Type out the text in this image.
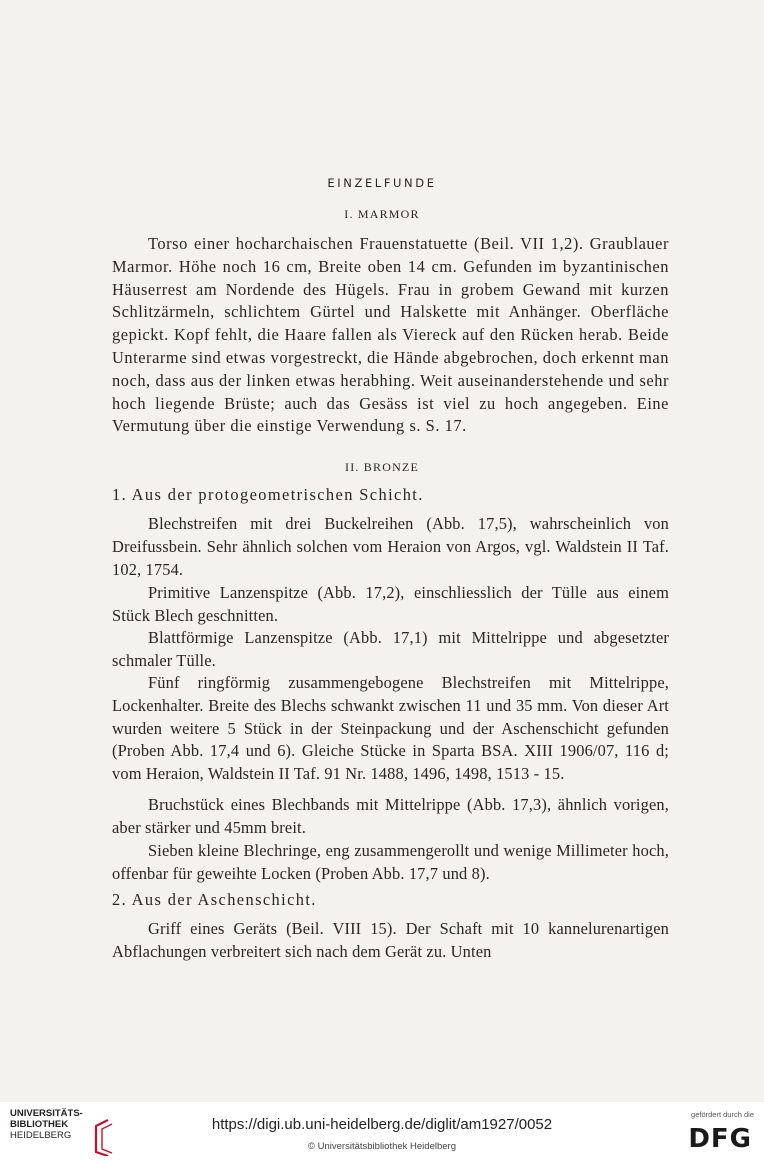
EINZELFUNDE
I. MARMOR

Torso einer hocharchaischen Frauenstatuette (Beil. VII 1,2). Graublauer Marmor. Höhe noch 16 cm, Breite oben 14 cm. Gefunden im byzantinischen Häuserrest am Nordende des Hügels. Frau in grobem Gewand mit kurzen Schlitzärmeln, schlichtem Gürtel und Halskette mit Anhänger. Oberfläche gepickt. Kopf fehlt, die Haare fallen als Viereck auf den Rücken herab. Beide Unterarme sind etwas vorgestreckt, die Hände abgebrochen, doch erkennt man noch, dass aus der linken etwas herabhing. Weit auseinanderstehende und sehr hoch liegende Brüste; auch das Gesäss ist viel zu hoch angegeben. Eine Vermutung über die einstige Verwendung s. S. 17.

II. BRONZE

1. Aus der protogeometrischen Schicht.

Blechstreifen mit drei Buckelreihen (Abb. 17,5), wahrscheinlich von Dreifussbein. Sehr ähnlich solchen vom Heraion von Argos, vgl. Waldstein II Taf. 102, 1754.

Primitive Lanzenspitze (Abb. 17,2), einschliesslich der Tülle aus einem Stück Blech geschnitten.

Blattförmige Lanzenspitze (Abb. 17,1) mit Mittelrippe und abgesetzter schmaler Tülle.

Fünf ringförmig zusammengebogene Blechstreifen mit Mittelrippe, Lockenhalter. Breite des Blechs schwankt zwischen 11 und 35 mm. Von dieser Art wurden weitere 5 Stück in der Steinpackung und der Aschenschicht gefunden (Proben Abb. 17,4 und 6). Gleiche Stücke in Sparta BSA. XIII 1906/07, 116 d; vom Heraion, Waldstein II Taf. 91 Nr. 1488, 1496, 1498, 1513 - 15.

Bruchstück eines Blechbands mit Mittelrippe (Abb. 17,3), ähnlich vorigen, aber stärker und 45mm breit.

Sieben kleine Blechringe, eng zusammengerollt und wenige Millimeter hoch, offenbar für geweihte Locken (Proben Abb. 17,7 und 8).

2. Aus der Aschenschicht.

Griff eines Geräts (Beil. VIII 15). Der Schaft mit 10 kannelurenartigen Abflachungen verbreitert sich nach dem Gerät zu. Unten

UNIVERSITÄTS-
BIBLIOTHEK
HEIDELBERG
https://digi.ub.uni-heidelberg.de/diglit/am1927/0052
© Universitätsbibliothek Heidelberg
gefördert durch die
DFG
